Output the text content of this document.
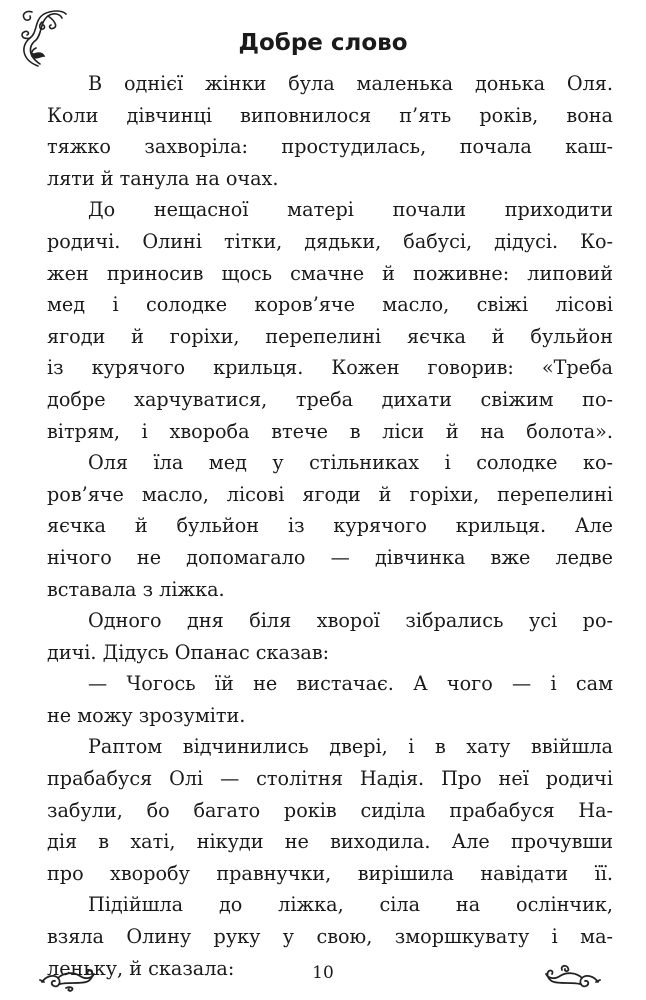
Добре слово
В однієї жінки була маленька донька Оля.
Коли дівчинці виповнилося п’ять років, вона
тяжко захворіла: простудилась, почала каш-
ляти й танула на очах.
До нещасної матері почали приходити
родичі. Олині тітки, дядьки, бабусі, дідусі. Ко-
жен приносив щось смачне й поживне: липовий
мед і солодке коров’яче масло, свіжі лісові
ягоди й горіхи, перепелині яєчка й бульйон
із курячого крильця. Кожен говорив: «Треба
добре харчуватися, треба дихати свіжим по-
вітрям, і хвороба втече в ліси й на болота».
Оля їла мед у стільниках і солодке ко-
ров’яче масло, лісові ягоди й горіхи, перепелині
яєчка й бульйон із курячого крильця. Але
нічого не допомагало — дівчинка вже ледве
вставала з ліжка.
Одного дня біля хворої зібрались усі ро-
дичі. Дідусь Опанас сказав:
— Чогось їй не вистачає. А чого — і сам
не можу зрозуміти.
Раптом відчинились двері, і в хату ввійшла
прабабуся Олі — столітня Надія. Про неї родичі
забули, бо багато років сиділа прабабуся На-
дія в хаті, нікуди не виходила. Але прочувши
про хворобу правнучки, вирішила навідати її.
Підійшла до ліжка, сіла на ослінчик,
взяла Олину руку у свою, зморшкувату і ма-
леньку, й сказала:	10
